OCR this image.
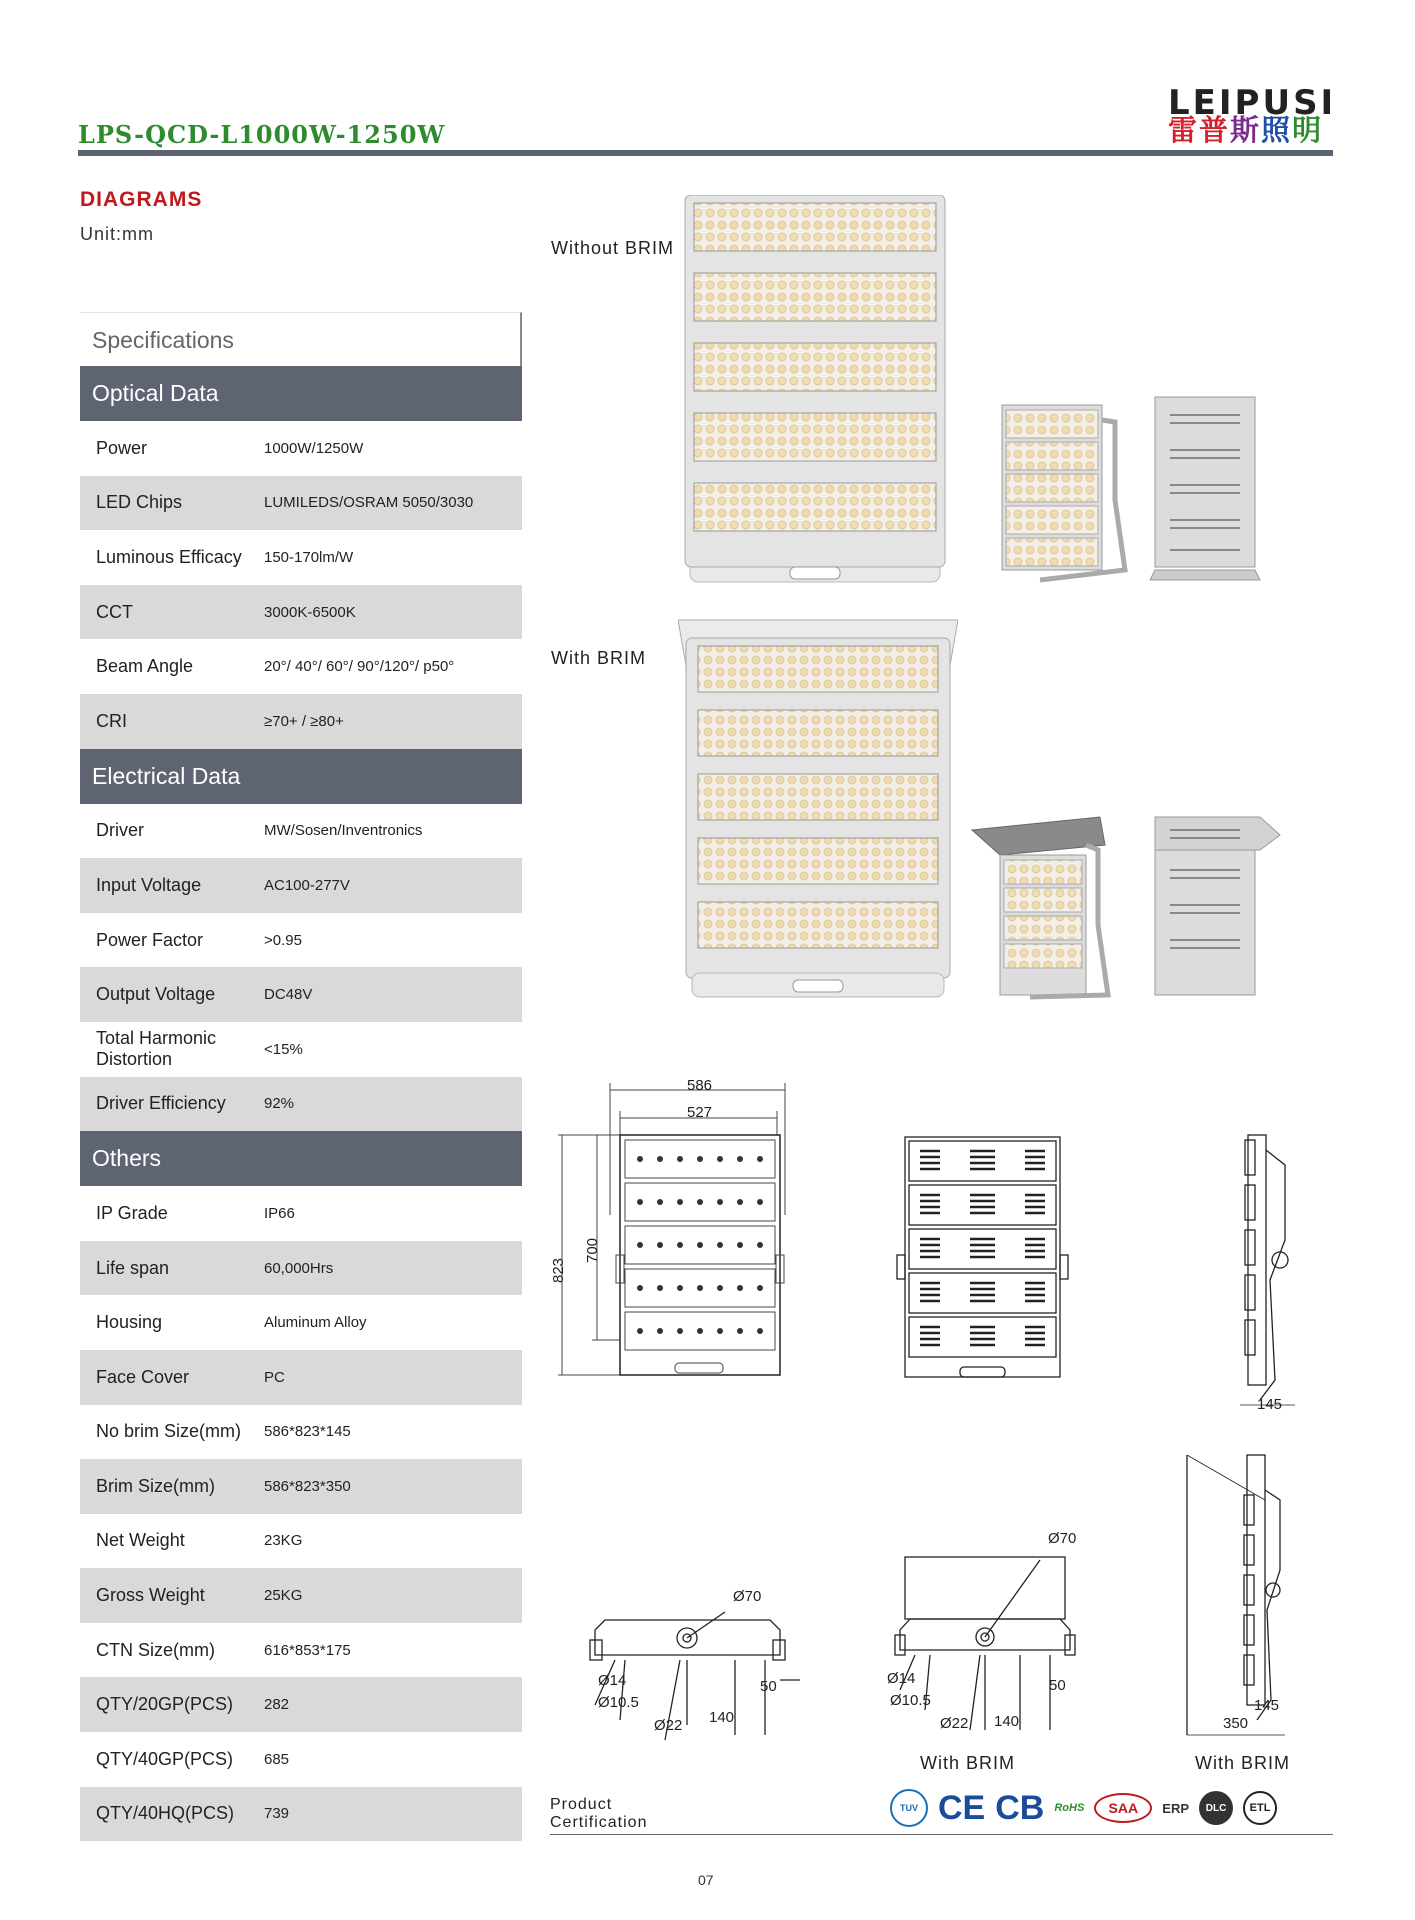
LPS-QCD-L1000W-1250W
LEIPUSI
雷普斯照明
DIAGRAMS
Unit:mm
Specifications
Optical Data
Power	1000W/1250W
LED Chips	LUMILEDS/OSRAM 5050/3030
Luminous Efficacy	150-170lm/W
CCT	3000K-6500K
Beam Angle	20°/ 40°/ 60°/ 90°/120°/ p50°
CRI	≥70+ / ≥80+
Electrical Data
Driver	MW/Sosen/Inventronics
Input Voltage	AC100-277V
Power Factor	>0.95
Output Voltage	DC48V
Total Harmonic Distortion	<15%
Driver Efficiency	92%
Others
IP Grade	IP66
Life span	60,000Hrs
Housing	Aluminum Alloy
Face Cover	PC
No brim Size(mm)	586*823*145
Brim Size(mm)	586*823*350
Net Weight	23KG
Gross Weight	25KG
CTN Size(mm)	616*853*175
QTY/20GP(PCS)	282
QTY/40GP(PCS)	685
QTY/40HQ(PCS)	739
Without BRIM
With BRIM
586
527
823
700
145
Ø70
Ø14
Ø10.5
Ø22 140
50
Ø70
Ø14
Ø10.5
Ø22 140
50
With BRIM
350
145
With BRIM
Product
Certification
TUV CE CB RoHS	SAA	ERP	DLC	ETL
07
